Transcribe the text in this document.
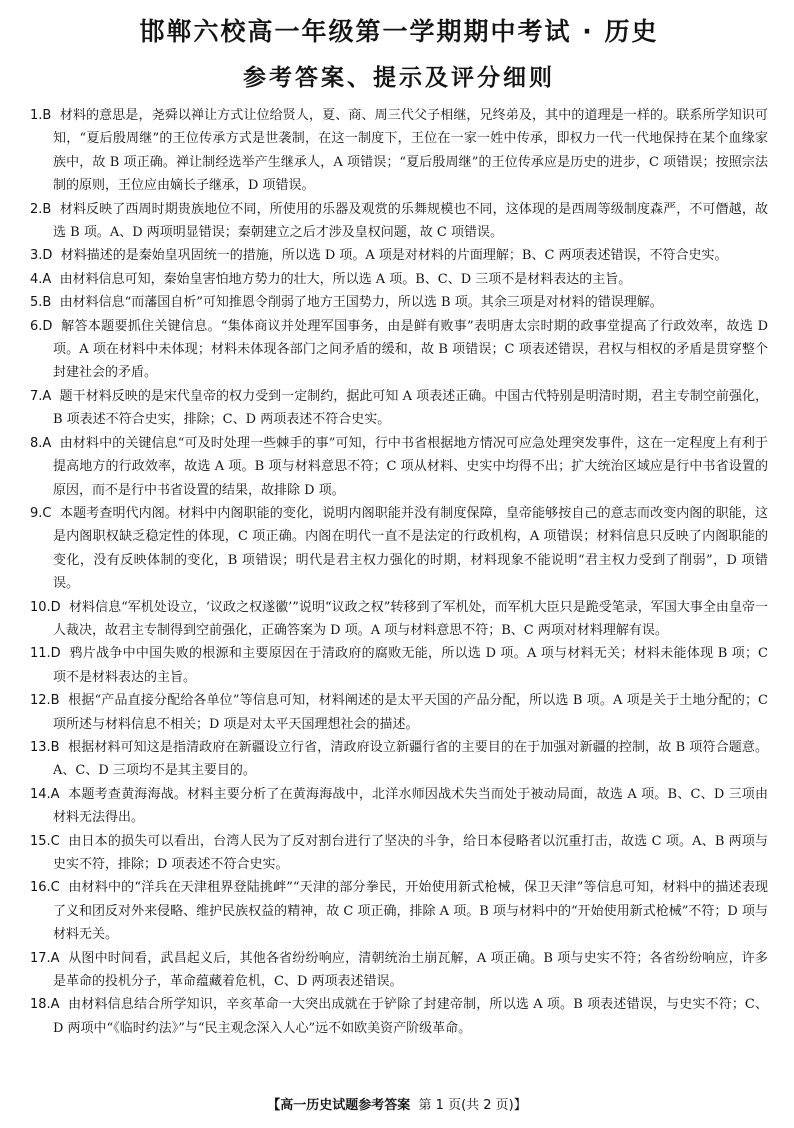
邯郸六校高一年级第一学期期中考试 · 历史
参考答案、提示及评分细则
1.B 材料的意思是，尧舜以禅让方式让位给贤人，夏、商、周三代父子相继，兄终弟及，其中的道理是一样的。联系所学知识可知，“夏后殷周继”的王位传承方式是世袭制，在这一制度下，王位在一家一姓中传承，即权力一代一代地保持在某个血缘家族中，故 B 项正确。禅让制经选举产生继承人，A 项错误；“夏后殷周继”的王位传承应是历史的进步，C 项错误；按照宗法制的原则，王位应由嫡长子继承，D 项错误。
2.B 材料反映了西周时期贵族地位不同，所使用的乐器及观赏的乐舞规模也不同，这体现的是西周等级制度森严，不可僭越，故选 B 项。A、D 两项明显错误；秦朝建立之后才涉及皇权问题，故 C 项错误。
3.D 材料描述的是秦始皇巩固统一的措施，所以选 D 项。A 项是对材料的片面理解；B、C 两项表述错误，不符合史实。
4.A 由材料信息可知，秦始皇害怕地方势力的壮大，所以选 A 项。B、C、D 三项不是材料表达的主旨。
5.B 由材料信息“而藩国自析”可知推恩令削弱了地方王国势力，所以选 B 项。其余三项是对材料的错误理解。
6.D 解答本题要抓住关键信息。“集体商议并处理军国事务，由是鲜有败事”表明唐太宗时期的政事堂提高了行政效率，故选 D 项。A 项在材料中未体现；材料未体现各部门之间矛盾的缓和，故 B 项错误；C 项表述错误，君权与相权的矛盾是贯穿整个封建社会的矛盾。
7.A 题干材料反映的是宋代皇帝的权力受到一定制约，据此可知 A 项表述正确。中国古代特别是明清时期，君主专制空前强化，B 项表述不符合史实，排除；C、D 两项表述不符合史实。
8.A 由材料中的关键信息“可及时处理一些棘手的事”可知，行中书省根据地方情况可应急处理突发事件，这在一定程度上有利于提高地方的行政效率，故选 A 项。B 项与材料意思不符；C 项从材料、史实中均得不出；扩大统治区域应是行中书省设置的原因，而不是行中书省设置的结果，故排除 D 项。
9.C 本题考查明代内阁。材料中内阁职能的变化，说明内阁职能并没有制度保障，皇帝能够按自己的意志而改变内阁的职能，这是内阁职权缺乏稳定性的体现，C 项正确。内阁在明代一直不是法定的行政机构，A 项错误；材料信息只反映了内阁职能的变化，没有反映体制的变化，B 项错误；明代是君主权力强化的时期，材料现象不能说明“君主权力受到了削弱”，D 项错误。
10.D 材料信息“军机处设立，‘议政之权遂徽’”说明“议政之权”转移到了军机处，而军机大臣只是跪受笔录，军国大事全由皇帝一人裁决，故君主专制得到空前强化，正确答案为 D 项。A 项与材料意思不符；B、C 两项对材料理解有误。
11.D 鸦片战争中中国失败的根源和主要原因在于清政府的腐败无能，所以选 D 项。A 项与材料无关；材料未能体现 B 项；C 项不是材料表达的主旨。
12.B 根据“产品直接分配给各单位”等信息可知，材料阐述的是太平天国的产品分配，所以选 B 项。A 项是关于土地分配的；C 项所述与材料信息不相关；D 项是对太平天国理想社会的描述。
13.B 根据材料可知这是指清政府在新疆设立行省，清政府设立新疆行省的主要目的在于加强对新疆的控制，故 B 项符合题意。A、C、D 三项均不是其主要目的。
14.A 本题考查黄海海战。材料主要分析了在黄海海战中，北洋水师因战术失当而处于被动局面，故选 A 项。B、C、D 三项由材料无法得出。
15.C 由日本的损失可以看出，台湾人民为了反对割台进行了坚决的斗争，给日本侵略者以沉重打击，故选 C 项。A、B 两项与史实不符，排除；D 项表述不符合史实。
16.C 由材料中的“洋兵在天津租界登陆挑衅”“天津的部分拳民，开始使用新式枪械，保卫天津”等信息可知，材料中的描述表现了义和团反对外来侵略、维护民族权益的精神，故 C 项正确，排除 A 项。B 项与材料中的“开始使用新式枪械”不符；D 项与材料无关。
17.A 从图中时间看，武昌起义后，其他各省纷纷响应，清朝统治土崩瓦解，A 项正确。B 项与史实不符；各省纷纷响应，许多是革命的投机分子，革命蕴藏着危机，C、D 两项表述错误。
18.A 由材料信息结合所学知识，辛亥革命一大突出成就在于铲除了封建帝制，所以选 A 项。B 项表述错误，与史实不符；C、D 两项中“《临时约法》”与“民主观念深入人心”远不如欧美资产阶级革命。
【高一历史试题参考答案 第 1 页(共 2 页)】
